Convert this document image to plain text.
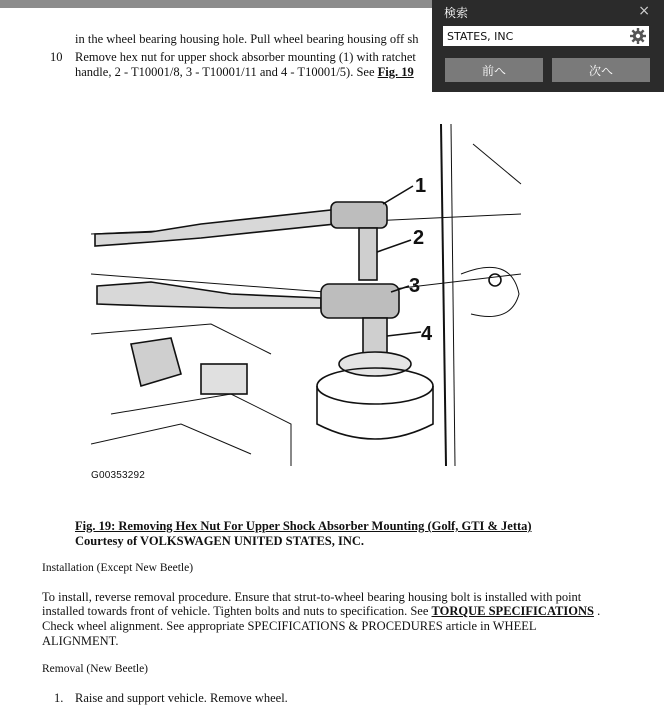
in the wheel bearing housing hole. Pull wheel bearing housing off sh
10 Remove hex nut for upper shock absorber mounting (1) with ratchet
handle, 2 - T10001/8, 3 - T10001/11 and 4 - T10001/5). See Fig. 19
1
2
3
4
G00353292
Fig. 19: Removing Hex Nut For Upper Shock Absorber Mounting (Golf, GTI & Jetta)
Courtesy of VOLKSWAGEN UNITED STATES, INC.
Installation (Except New Beetle)
To install, reverse removal procedure. Ensure that strut-to-wheel bearing housing bolt is installed with point
installed towards front of vehicle. Tighten bolts and nuts to specification. See TORQUE SPECIFICATIONS .
Check wheel alignment. See appropriate SPECIFICATIONS & PROCEDURES article in WHEEL
ALIGNMENT.
Removal (New Beetle)
1. Raise and support vehicle. Remove wheel.
検索	×
STATES, INC
前へ	次へ
